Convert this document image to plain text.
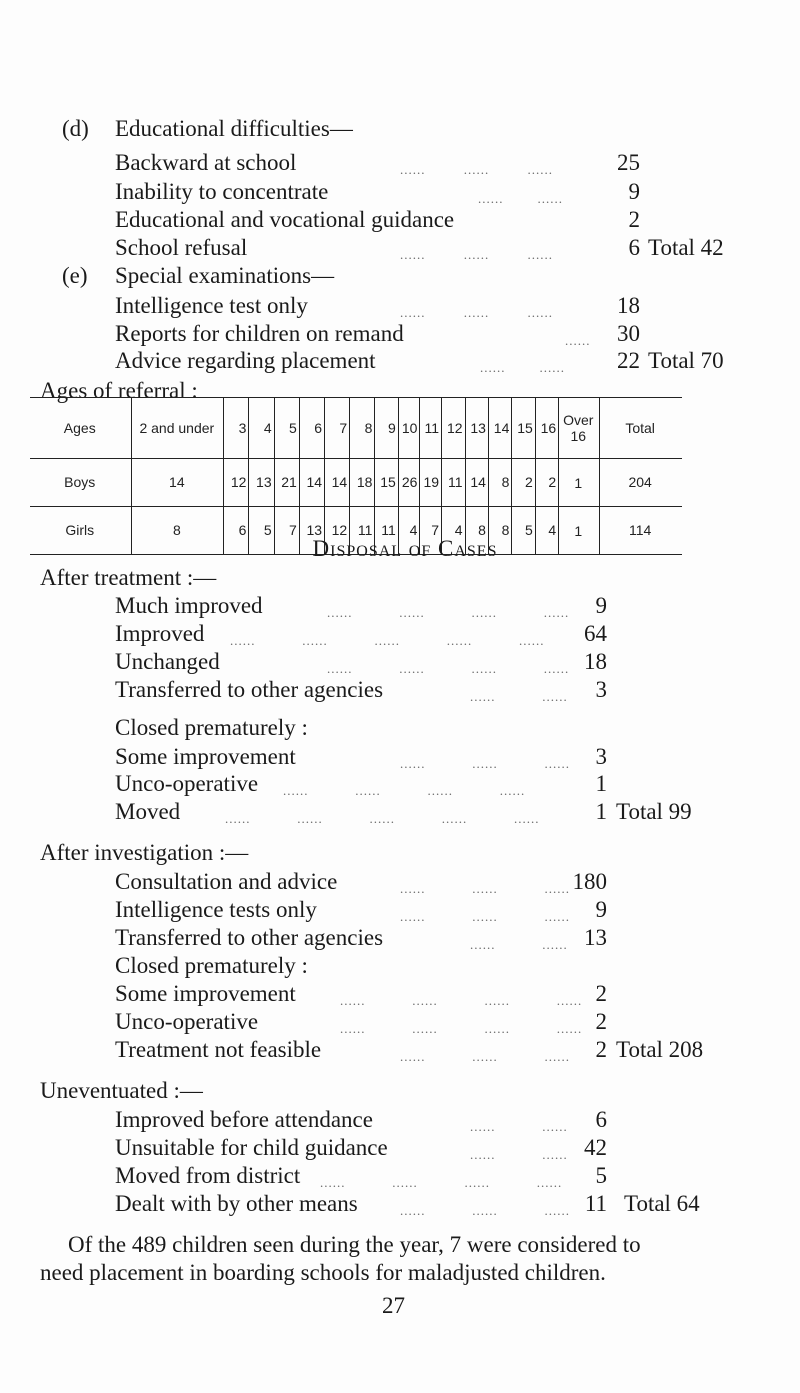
(d) Educational difficulties—
Backward at school	......         ......         ......	25
Inability to concentrate	......        ......	9
Educational and vocational guidance	2
School refusal	......         ......         ......	6 Total 42
(e) Special examinations—
Intelligence test only	......         ......         ......	18
Reports for children on remand	...... 30
Advice regarding placement	......        ...... 22 Total 70
Ages of referral :
Ages	2 and under	3	4	5	6	7	8	9	10	11	12	13	14	15	16	Over 16	Total
Boys	14	12	13	21	14	14	18	15	26	19	11	14	8	2	2	1	204
Girls	8	6	5	7	13	12	11	11	4	7	4	8	8	5	4	1	114
Disposal of Cases
After treatment :—
Much improved	......           ......           ......           ...... 9
Improved ......           ......           ......           ......           ...... 64
Unchanged	......           ......           ......           ...... 18
Transferred to other agencies	......           ...... 3
Closed prematurely :
Some improvement	......           ......           ...... 3
Unco-operative ......           ......           ......           ......	1
Moved	......           ......           ......           ......           ...... 1 Total 99
After investigation :—
Consultation and advice	......           ......           ...... 180
Intelligence tests only	......           ......           ...... 9
Transferred to other agencies	......           ...... 13
Closed prematurely :
Some improvement	......           ......           ......           ...... 2
Unco-operative	......           ......           ......           ...... 2
Treatment not feasible	......           ......           ...... 2 Total 208
Uneventuated :—
Improved before attendance	......           ...... 6
Unsuitable for child guidance	......           ...... 42
Moved from district ......           ......           ......           ...... 5
Dealt with by other means	......           ......           ...... 11 Total 64
Of the 489 children seen during the year, 7 were considered to
need placement in boarding schools for maladjusted children.
27
